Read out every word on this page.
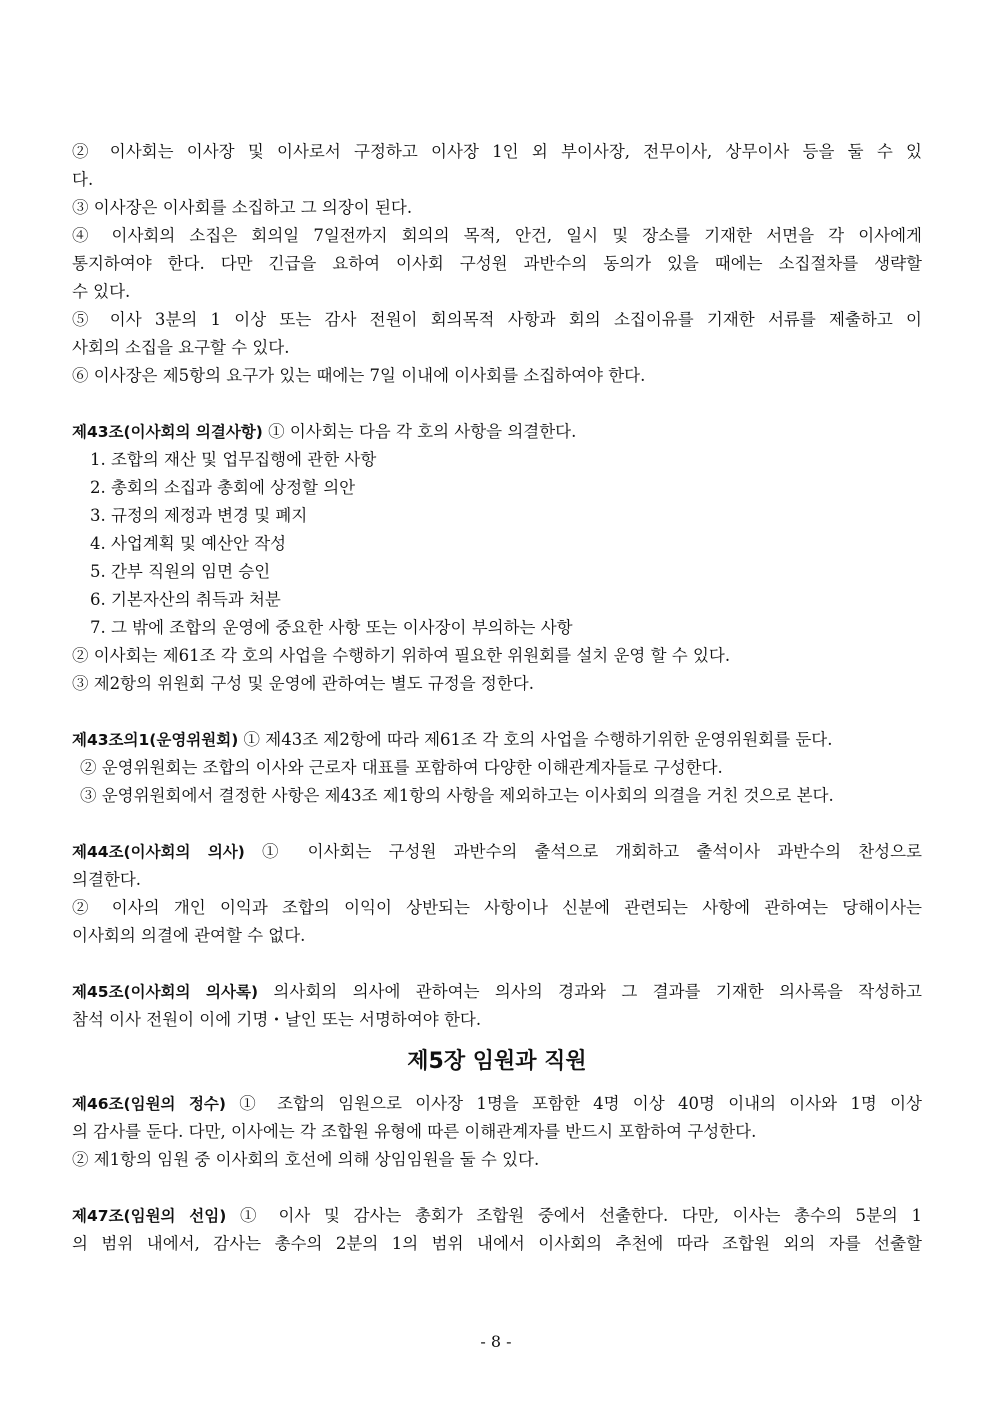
② 이사회는 이사장 및 이사로서 구정하고 이사장 1인 외 부이사장, 전무이사, 상무이사 등을 둘 수 있
다.
③ 이사장은 이사회를 소집하고 그 의장이 된다.
④ 이사회의 소집은 회의일 7일전까지 회의의 목적, 안건, 일시 및 장소를 기재한 서면을 각 이사에게
통지하여야 한다. 다만 긴급을 요하여 이사회 구성원 과반수의 동의가 있을 때에는 소집절차를 생략할
수 있다.
⑤ 이사 3분의 1 이상 또는 감사 전원이 회의목적 사항과 회의 소집이유를 기재한 서류를 제출하고 이
사회의 소집을 요구할 수 있다.
⑥ 이사장은 제5항의 요구가 있는 때에는 7일 이내에 이사회를 소집하여야 한다.
제43조(이사회의 의결사항) ① 이사회는 다음 각 호의 사항을 의결한다.
1. 조합의 재산 및 업무집행에 관한 사항
2. 총회의 소집과 총회에 상정할 의안
3. 규정의 제정과 변경 및 폐지
4. 사업계획 및 예산안 작성
5. 간부 직원의 임면 승인
6. 기본자산의 취득과 처분
7. 그 밖에 조합의 운영에 중요한 사항 또는 이사장이 부의하는 사항
② 이사회는 제61조 각 호의 사업을 수행하기 위하여 필요한 위원회를 설치 운영 할 수 있다.
③ 제2항의 위원회 구성 및 운영에 관하여는 별도 규정을 정한다.
제43조의1(운영위원회) ① 제43조 제2항에 따라 제61조 각 호의 사업을 수행하기위한 운영위원회를 둔다.
② 운영위원회는 조합의 이사와 근로자 대표를 포함하여 다양한 이해관계자들로 구성한다.
③ 운영위원회에서 결정한 사항은 제43조 제1항의 사항을 제외하고는 이사회의 의결을 거친 것으로 본다.
제44조(이사회의 의사) ① 이사회는 구성원 과반수의 출석으로 개회하고 출석이사 과반수의 찬성으로
의결한다.
② 이사의 개인 이익과 조합의 이익이 상반되는 사항이나 신분에 관련되는 사항에 관하여는 당해이사는
이사회의 의결에 관여할 수 없다.
제45조(이사회의 의사록) 의사회의 의사에 관하여는 의사의 경과와 그 결과를 기재한 의사록을 작성하고
참석 이사 전원이 이에 기명・날인 또는 서명하여야 한다.
제5장 임원과 직원
제46조(임원의 정수) ① 조합의 임원으로 이사장 1명을 포함한 4명 이상 40명 이내의 이사와 1명 이상
의 감사를 둔다. 다만, 이사에는 각 조합원 유형에 따른 이해관계자를 반드시 포함하여 구성한다.
② 제1항의 임원 중 이사회의 호선에 의해 상임임원을 둘 수 있다.
제47조(임원의 선임) ① 이사 및 감사는 총회가 조합원 중에서 선출한다. 다만, 이사는 총수의 5분의 1
의 범위 내에서, 감사는 총수의 2분의 1의 범위 내에서 이사회의 추천에 따라 조합원 외의 자를 선출할
- 8 -
